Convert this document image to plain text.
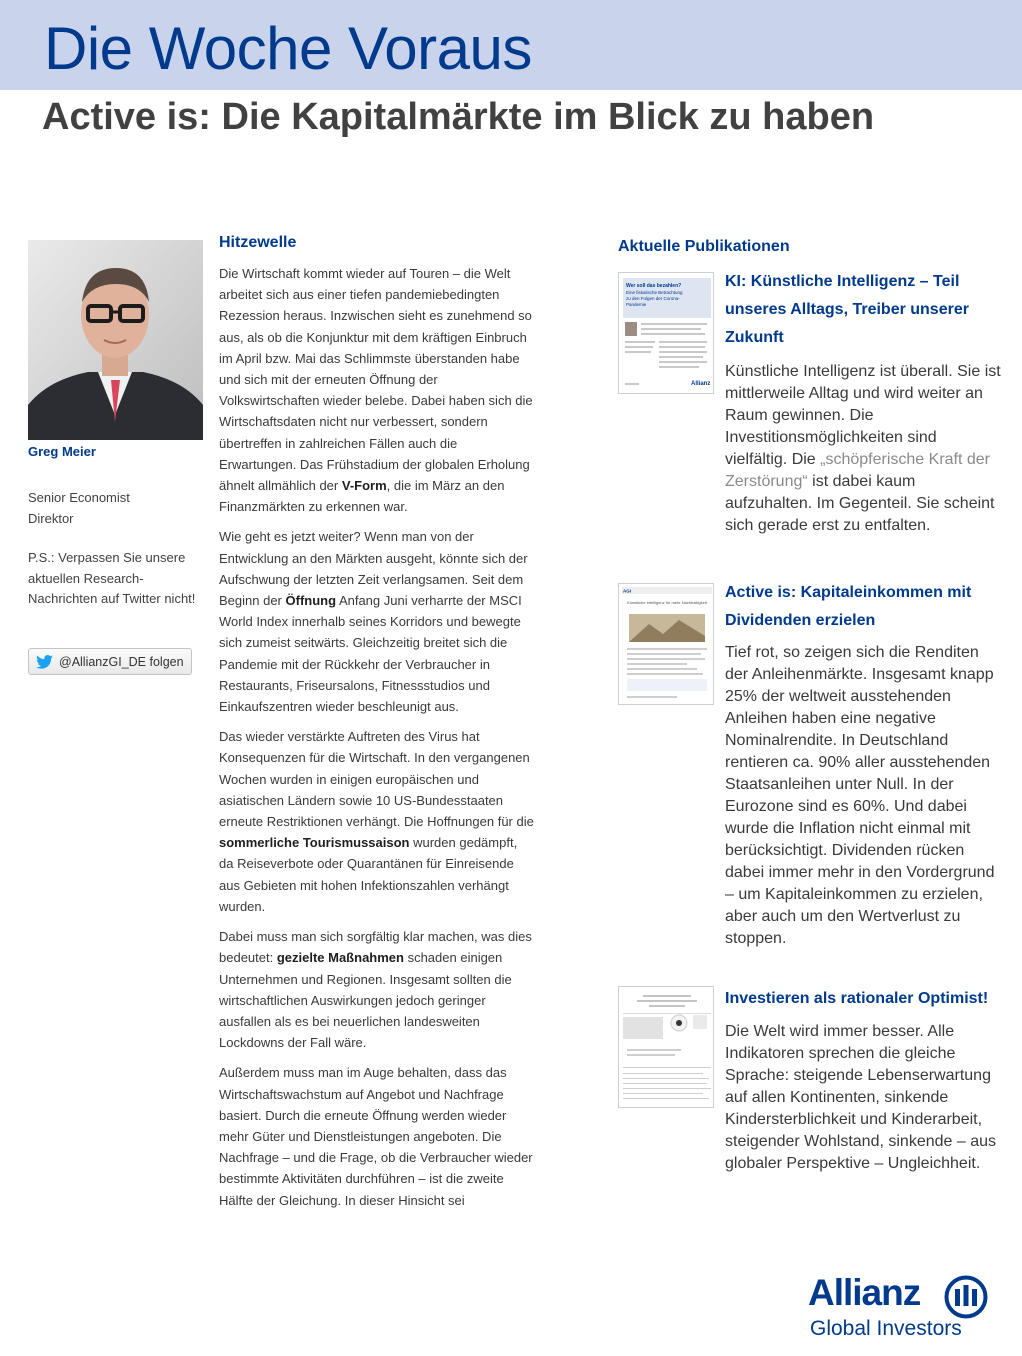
Die Woche Voraus
Active is: Die Kapitalmärkte im Blick zu haben
Greg Meier
Senior Economist
Direktor
P.S.: Verpassen Sie unsere aktuellen Research-Nachrichten auf Twitter nicht!
@AllianzGI_DE folgen
Hitzewelle

Die Wirtschaft kommt wieder auf Touren – die Welt arbeitet sich aus einer tiefen pandemiebedingten Rezession heraus. Inzwischen sieht es zunehmend so aus, als ob die Konjunktur mit dem kräftigen Einbruch im April bzw. Mai das Schlimmste überstanden habe und sich mit der erneuten Öffnung der Volkswirtschaften wieder belebe. Dabei haben sich die Wirtschaftsdaten nicht nur verbessert, sondern übertreffen in zahlreichen Fällen auch die Erwartungen. Das Frühstadium der globalen Erholung ähnelt allmählich der V-Form, die im März an den Finanzmärkten zu erkennen war.

Wie geht es jetzt weiter? Wenn man von der Entwicklung an den Märkten ausgeht, könnte sich der Aufschwung der letzten Zeit verlangsamen. Seit dem Beginn der Öffnung Anfang Juni verharrte der MSCI World Index innerhalb seines Korridors und bewegte sich zumeist seitwärts. Gleichzeitig breitet sich die Pandemie mit der Rückkehr der Verbraucher in Restaurants, Friseursalons, Fitnessstudios und Einkaufszentren wieder beschleunigt aus.

Das wieder verstärkte Auftreten des Virus hat Konsequenzen für die Wirtschaft. In den vergangenen Wochen wurden in einigen europäischen und asiatischen Ländern sowie 10 US-Bundesstaaten erneute Restriktionen verhängt. Die Hoffnungen für die sommerliche Tourismussaison wurden gedämpft, da Reiseverbote oder Quarantänen für Einreisende aus Gebieten mit hohen Infektionszahlen verhängt wurden.

Dabei muss man sich sorgfältig klar machen, was dies bedeutet: gezielte Maßnahmen schaden einigen Unternehmen und Regionen. Insgesamt sollten die wirtschaftlichen Auswirkungen jedoch geringer ausfallen als es bei neuerlichen landesweiten Lockdowns der Fall wäre.

Außerdem muss man im Auge behalten, dass das Wirtschaftswachstum auf Angebot und Nachfrage basiert. Durch die erneute Öffnung werden wieder mehr Güter und Dienstleistungen angeboten. Die Nachfrage – und die Frage, ob die Verbraucher wieder bestimmte Aktivitäten durchführen – ist die zweite Hälfte der Gleichung. In dieser Hinsicht sei

Aktuelle Publikationen
Wer soll das bezahlen?
Eine fiskalische Betrachtung
zu den Folgen der Corona-
Pandemie
Allianz
KI: Künstliche Intelligenz – Teil unseres Alltags, Treiber unserer Zukunft
Künstliche Intelligenz ist überall. Sie ist mittlerweile Alltag und wird weiter an Raum gewinnen. Die Investitionsmöglichkeiten sind vielfältig. Die „schöpferische Kraft der Zerstörung“ ist dabei kaum aufzuhalten. Im Gegenteil. Sie scheint sich gerade erst zu entfalten.
AGI
Künstliche Intelligenz für mehr Nachhaltigkeit
Active is: Kapitaleinkommen mit Dividenden erzielen
Tief rot, so zeigen sich die Renditen der Anleihenmärkte. Insgesamt knapp 25% der weltweit ausstehenden Anleihen haben eine negative Nominalrendite. In Deutschland rentieren ca. 90% aller ausstehenden Staatsanleihen unter Null. In der Eurozone sind es 60%. Und dabei wurde die Inflation nicht einmal mit berücksichtigt. Dividenden rücken dabei immer mehr in den Vordergrund – um Kapitaleinkommen zu erzielen, aber auch um den Wertverlust zu stoppen.
Investieren als rationaler Optimist!
Die Welt wird immer besser. Alle Indikatoren sprechen die gleiche Sprache: steigende Lebenserwartung auf allen Kontinenten, sinkende Kindersterblichkeit und Kinderarbeit, steigender Wohlstand, sinkende – aus globaler Perspektive – Ungleichheit.
Allianz
Global Investors
